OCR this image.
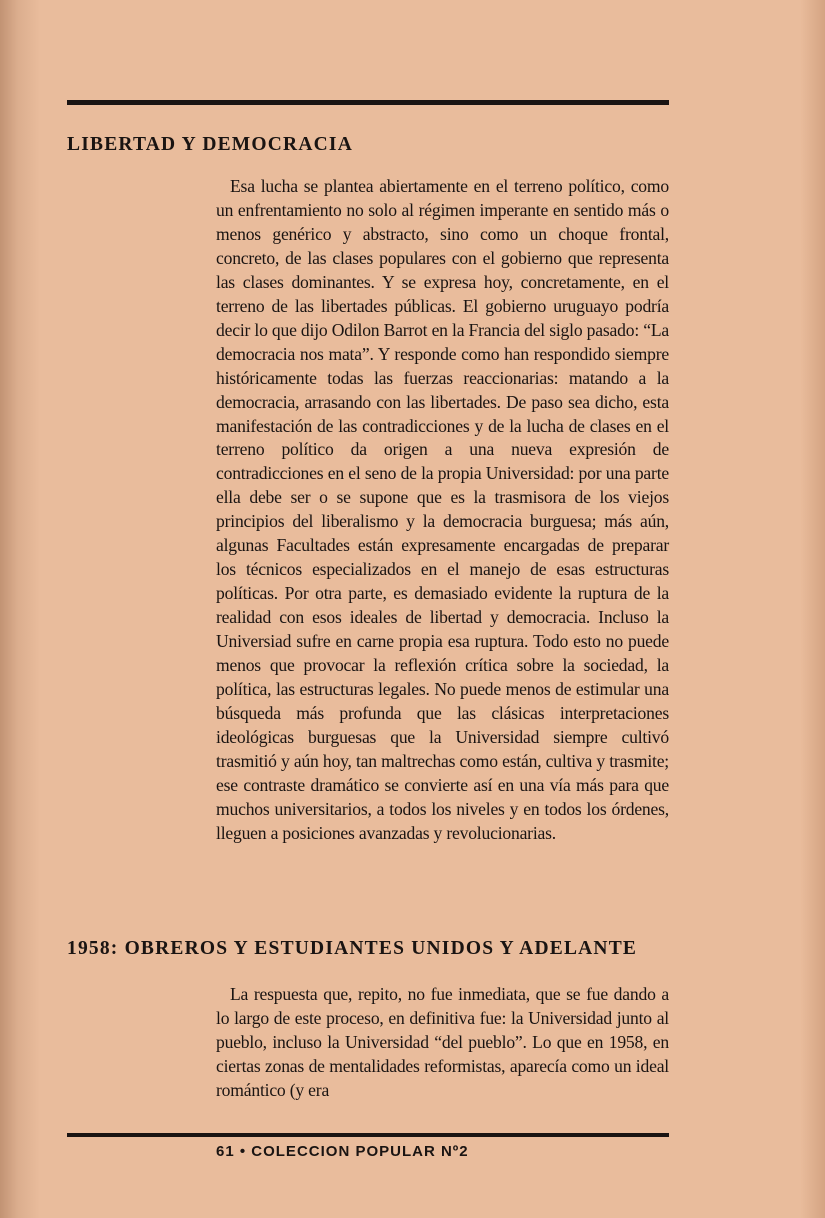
LIBERTAD Y DEMOCRACIA

Esa lucha se plantea abiertamente en el terreno político, como un enfrentamiento no solo al régimen imperante en sentido más o menos genérico y abstracto, sino como un choque frontal, concreto, de las clases populares con el gobierno que representa las clases dominantes. Y se expresa hoy, concretamente, en el terreno de las libertades públicas. El gobierno uruguayo podría decir lo que dijo Odilon Barrot en la Francia del siglo pasado: “La democracia nos mata”. Y responde como han respondido siempre históricamente todas las fuerzas reaccionarias: matando a la democracia, arrasando con las libertades. De paso sea dicho, esta manifestación de las contradicciones y de la lucha de clases en el terreno político da origen a una nueva expresión de contradicciones en el seno de la propia Universidad: por una parte ella debe ser o se supone que es la trasmisora de los viejos principios del liberalismo y la democracia burguesa; más aún, algunas Facultades están expresamente encargadas de preparar los técnicos especializados en el manejo de esas estructuras políticas. Por otra parte, es demasiado evidente la ruptura de la realidad con esos ideales de libertad y democracia. Incluso la Universiad sufre en carne propia esa ruptura. Todo esto no puede menos que provocar la reflexión crítica sobre la sociedad, la política, las estructuras legales. No puede menos de estimular una búsqueda más profunda que las clásicas interpretaciones ideológicas burguesas que la Universidad siempre cultivó trasmitió y aún hoy, tan maltrechas como están, cultiva y trasmite; ese contraste dramático se convierte así en una vía más para que muchos universitarios, a todos los niveles y en todos los órdenes, lleguen a posiciones avanzadas y revolucionarias.

1958: OBREROS Y ESTUDIANTES UNIDOS Y ADELANTE

La respuesta que, repito, no fue inmediata, que se fue dando a lo largo de este proceso, en definitiva fue: la Universidad junto al pueblo, incluso la Universidad “del pueblo”. Lo que en 1958, en ciertas zonas de mentalidades reformistas, aparecía como un ideal romántico (y era

61 • COLECCION POPULAR Nº2
